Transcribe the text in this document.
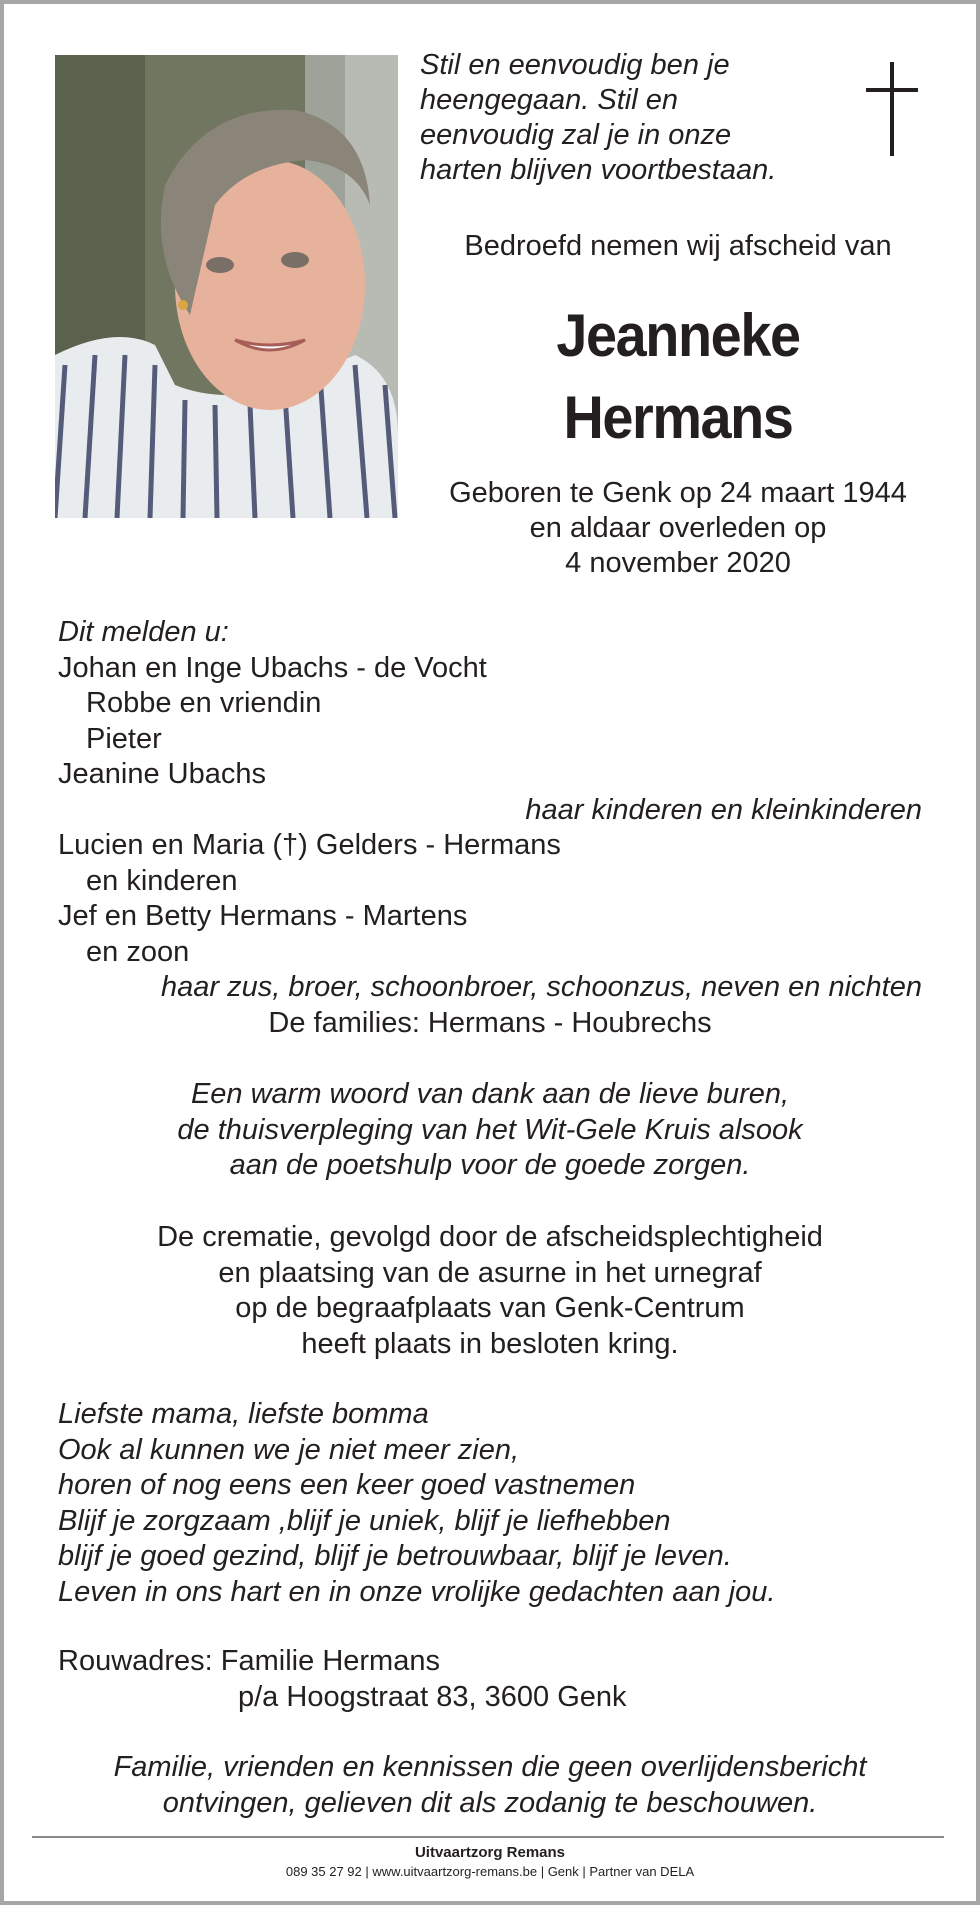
Stil en eenvoudig ben je
heengegaan. Stil en
eenvoudig zal je in onze
harten blijven voortbestaan.
Bedroefd nemen wij afscheid van
Jeanneke
Hermans
Geboren te Genk op 24 maart 1944
en aldaar overleden op
4 november 2020
Dit melden u:
Johan en Inge Ubachs - de Vocht
Robbe en vriendin
Pieter
Jeanine Ubachs
haar kinderen en kleinkinderen
Lucien en Maria (†) Gelders - Hermans
en kinderen
Jef en Betty Hermans - Martens
en zoon
haar zus, broer, schoonbroer, schoonzus, neven en nichten
De families: Hermans - Houbrechs
Een warm woord van dank aan de lieve buren,
de thuisverpleging van het Wit-Gele Kruis alsook
aan de poetshulp voor de goede zorgen.
De crematie, gevolgd door de afscheidsplechtigheid
en plaatsing van de asurne in het urnegraf
op de begraafplaats van Genk-Centrum
heeft plaats in besloten kring.
Liefste mama, liefste bomma
Ook al kunnen we je niet meer zien,
horen of nog eens een keer goed vastnemen
Blijf je zorgzaam ,blijf je uniek, blijf je liefhebben
blijf je goed gezind, blijf je betrouwbaar, blijf je leven.
Leven in ons hart en in onze vrolijke gedachten aan jou.
Rouwadres: Familie Hermans
p/a Hoogstraat 83, 3600 Genk
Familie, vrienden en kennissen die geen overlijdensbericht
ontvingen, gelieven dit als zodanig te beschouwen.
Uitvaartzorg Remans
089 35 27 92 | www.uitvaartzorg-remans.be | Genk | Partner van DELA
